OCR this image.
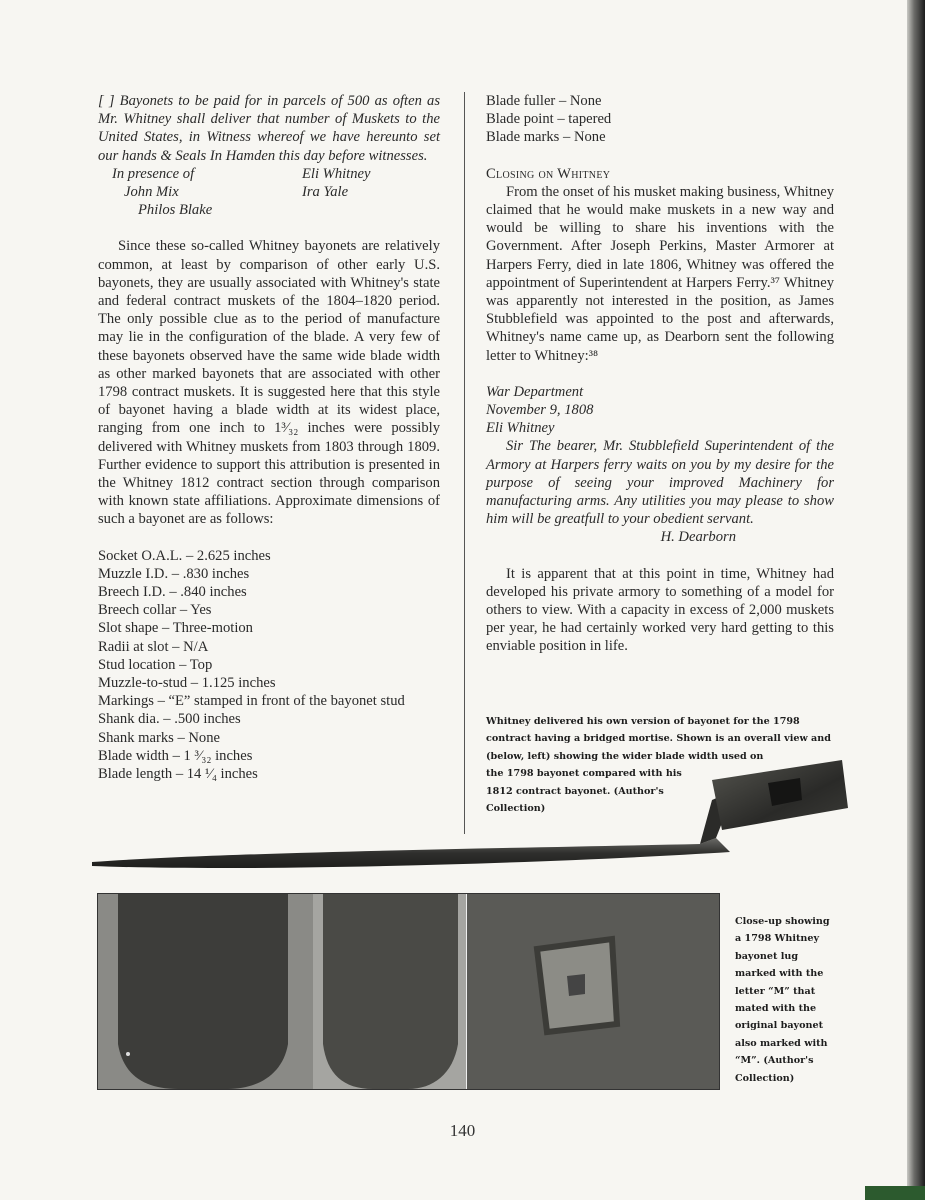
[ ] Bayonets to be paid for in parcels of 500 as often as Mr. Whitney shall deliver that number of Muskets to the United States, in Witness whereof we have hereunto set our hands & Seals In Hamden this day before witnesses.

In presence of	Eli Whitney
John Mix	Ira Yale
Philos Blake

Since these so-called Whitney bayonets are relatively common, at least by comparison of other early U.S. bayonets, they are usually associated with Whitney's state and federal contract muskets of the 1804–1820 period. The only possible clue as to the period of manufacture may lie in the configuration of the blade. A very few of these bayonets observed have the same wide blade width as other marked bayonets that are associated with other 1798 contract muskets. It is suggested here that this style of bayonet having a blade width at its widest place, ranging from one inch to 1³⁄₃₂ inches were possibly delivered with Whitney muskets from 1803 through 1809. Further evidence to support this attribution is presented in the Whitney 1812 contract section through comparison with known state affiliations. Approximate dimensions of such a bayonet are as follows:

Socket O.A.L. – 2.625 inches
Muzzle I.D. – .830 inches
Breech I.D. – .840 inches
Breech collar – Yes
Slot shape – Three-motion
Radii at slot – N/A
Stud location – Top
Muzzle-to-stud – 1.125 inches
Markings – “E” stamped in front of the bayonet stud
Shank dia. – .500 inches
Shank marks – None
Blade width – 1 ³⁄₃₂ inches
Blade length – 14 ¹⁄₄ inches
Blade fuller – None
Blade point – tapered
Blade marks – None

Closing on Whitney

From the onset of his musket making business, Whitney claimed that he would make muskets in a new way and would be willing to share his inventions with the Government. After Joseph Perkins, Master Armorer at Harpers Ferry, died in late 1806, Whitney was offered the appointment of Superintendent at Harpers Ferry.³⁷ Whitney was apparently not interested in the position, as James Stubblefield was appointed to the post and afterwards, Whitney's name came up, as Dearborn sent the following letter to Whitney:³⁸

War Department

November 9, 1808

Eli Whitney

Sir The bearer, Mr. Stubblefield Superintendent of the Armory at Harpers ferry waits on you by my desire for the purpose of seeing your improved Machinery for manufacturing arms. Any utilities you may please to show him will be greatfull to your obedient servant.

H. Dearborn

It is apparent that at this point in time, Whitney had developed his private armory to something of a model for others to view. With a capacity in excess of 2,000 muskets per year, he had certainly worked very hard getting to this enviable position in life.

Whitney delivered his own version of bayonet for the 1798 contract having a bridged mortise. Shown is an overall view and (below, left) showing the wider blade width used on
the 1798 bayonet compared with his 1812 contract bayonet. (Author's Collection)
Close-up showing a 1798 Whitney bayonet lug marked with the letter “M” that mated with the original bayonet also marked with “M”. (Author's Collection)
140
